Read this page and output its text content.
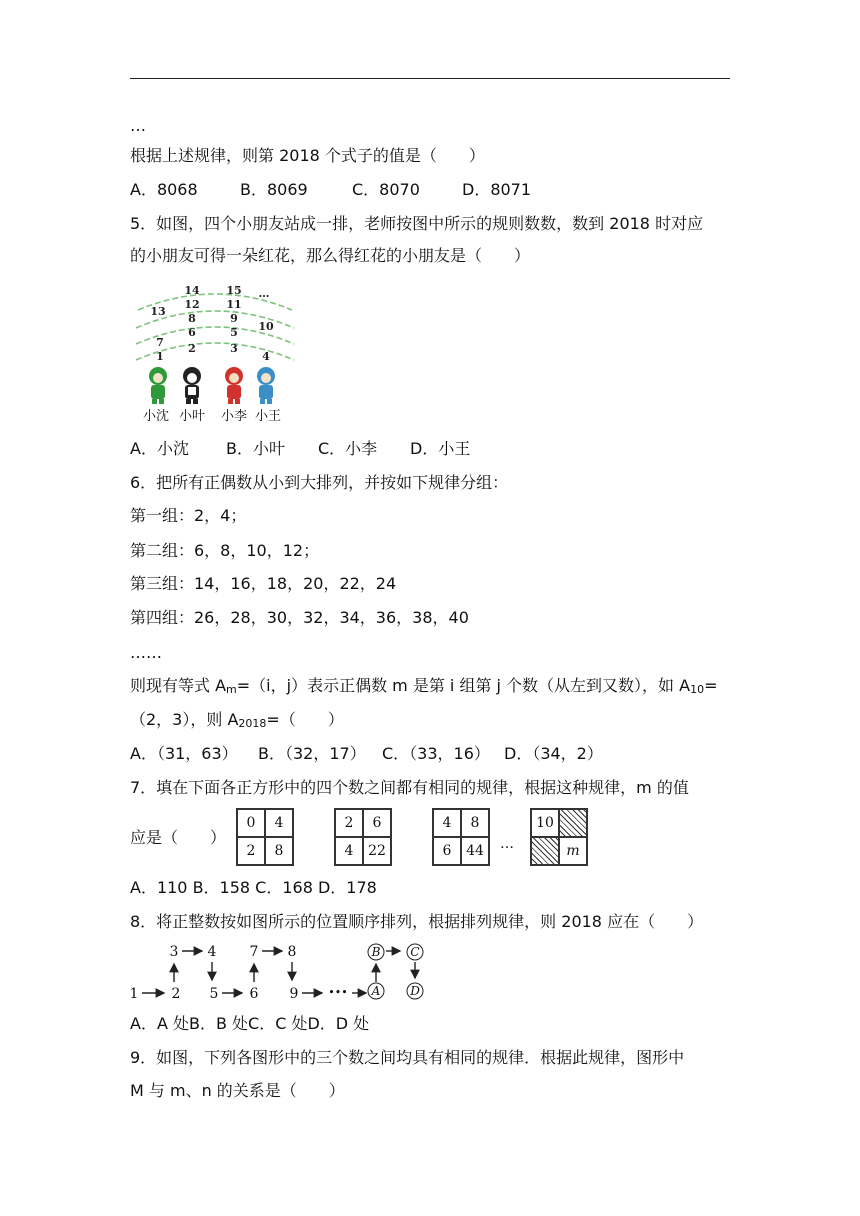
…
根据上述规律，则第 2018 个式子的值是（　　）
A．8068	B．8069	C．8070	D．8071
5．如图，四个小朋友站成一排，老师按图中所示的规则数数，数到 2018 时对应
的小朋友可得一朵红花，那么得红花的小朋友是（　　）
14 15 …
12 11
13
8	9
10
7
6	5
1
2	3
4
小沈 小叶 小李 小王
A．小沈 B．小叶 C．小李 D．小王
6．把所有正偶数从小到大排列，并按如下规律分组：
第一组：2，4；
第二组：6，8，10，12；
第三组：14，16，18，20，22，24
第四组：26，28，30，32，34，36，38，40
……
则现有等式 $A_m=(i$，j）表示正偶数 m 是第 i 组第 j 个数（从左到又数），如 $A_{10}=$
（2，3），则 $A_{2018}=$（　　）
A．（31，63） B．（32，17） C．（33，16） D．（34，2）
7．填在下面各正方形中的四个数之间都有相同的规律，根据这种规律，m 的值
应是（　　）
0	4
2	8
2	6
4	22
4	8
6	44	…
10
m
A．110 B．158 C．168 D．178
8．将正整数按如图所示的位置顺序排列，根据排列规律，则 2018 应在（　　）
3 4 7 8
1 2 5 6 9	•••
B C
A D
A．A 处B．B 处C．C 处D．D 处
9．如图，下列各图形中的三个数之间均具有相同的规律．根据此规律，图形中
M 与 m、n 的关系是（　　）
